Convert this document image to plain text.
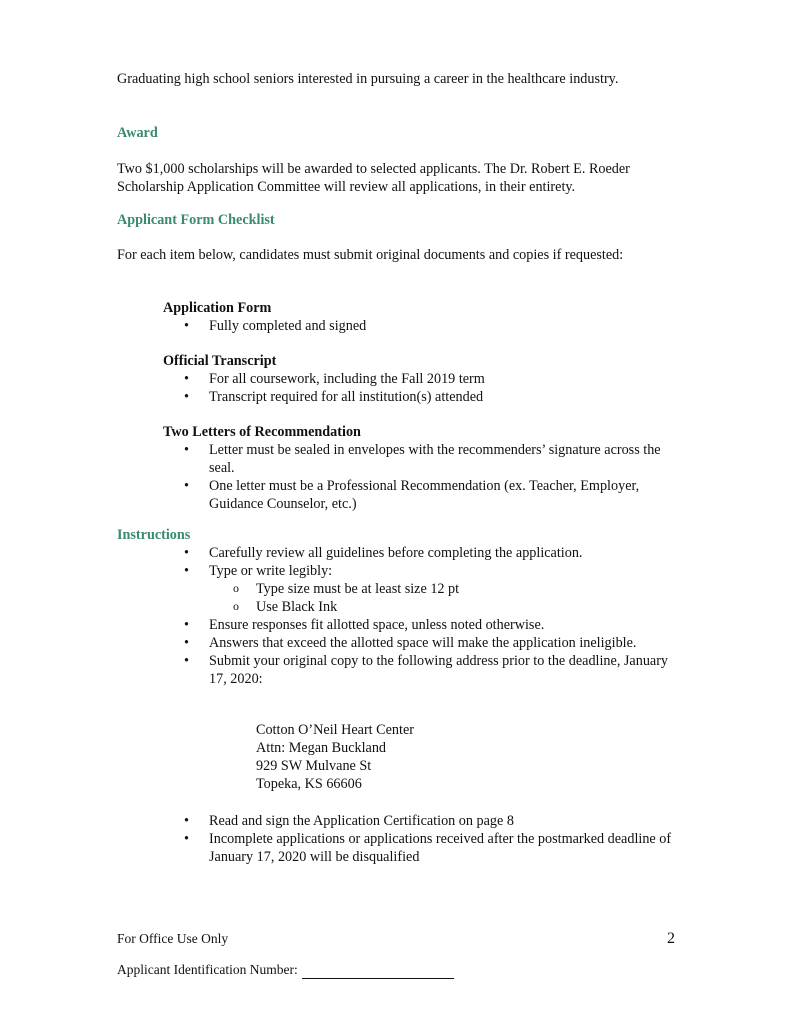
Graduating high school seniors interested in pursuing a career in the healthcare industry.
Award
Two $1,000 scholarships will be awarded to selected applicants. The Dr. Robert E. Roeder Scholarship Application Committee will review all applications, in their entirety.
Applicant Form Checklist
For each item below, candidates must submit original documents and copies if requested:
Application Form
• Fully completed and signed
Official Transcript
• For all coursework, including the Fall 2019 term
• Transcript required for all institution(s) attended
Two Letters of Recommendation
• Letter must be sealed in envelopes with the recommenders’ signature across the seal.
• One letter must be a Professional Recommendation (ex. Teacher, Employer, Guidance Counselor, etc.)
Instructions
• Carefully review all guidelines before completing the application.
• Type or write legibly:
o Type size must be at least size 12 pt
o Use Black Ink
• Ensure responses fit allotted space, unless noted otherwise.
• Answers that exceed the allotted space will make the application ineligible.
• Submit your original copy to the following address prior to the deadline, January 17, 2020:
Cotton O’Neil Heart Center
Attn: Megan Buckland
929 SW Mulvane St
Topeka, KS 66606
• Read and sign the Application Certification on page 8
• Incomplete applications or applications received after the postmarked deadline of January 17, 2020 will be disqualified
For Office Use Only	2
Applicant Identification Number:
